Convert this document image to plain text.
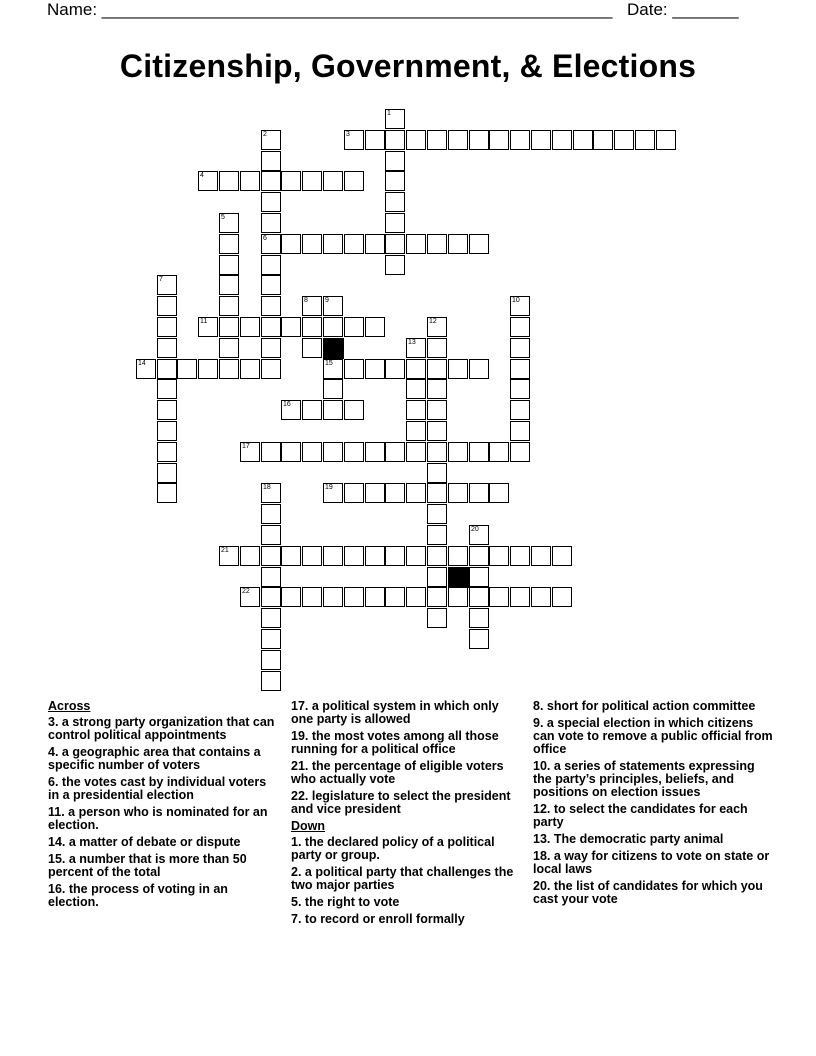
Name: ______________________________________________________ Date: _______
Citizenship, Government, & Elections
1
2
6
3
4
5
7
8 9
15
10
11	12
13
14
16
17
18	19
20
21
22
Across
3. a strong party organization that can control political appointments
4. a geographic area that contains a specific number of voters
6. the votes cast by individual voters in a presidential election
11. a person who is nominated for an election.
14. a matter of debate or dispute
15. a number that is more than 50 percent of the total
16. the process of voting in an election.
17. a political system in which only one party is allowed
19. the most votes among all those running for a political office
21. the percentage of eligible voters who actually vote
22. legislature to select the president and vice president
Down
1. the declared policy of a political party or group.
2. a political party that challenges the two major parties
5. the right to vote
7. to record or enroll formally
8. short for political action committee
9. a special election in which citizens can vote to remove a public official from office
10. a series of statements expressing the party’s principles, beliefs, and positions on election issues
12. to select the candidates for each party
13. The democratic party animal
18. a way for citizens to vote on state or local laws
20. the list of candidates for which you cast your vote
